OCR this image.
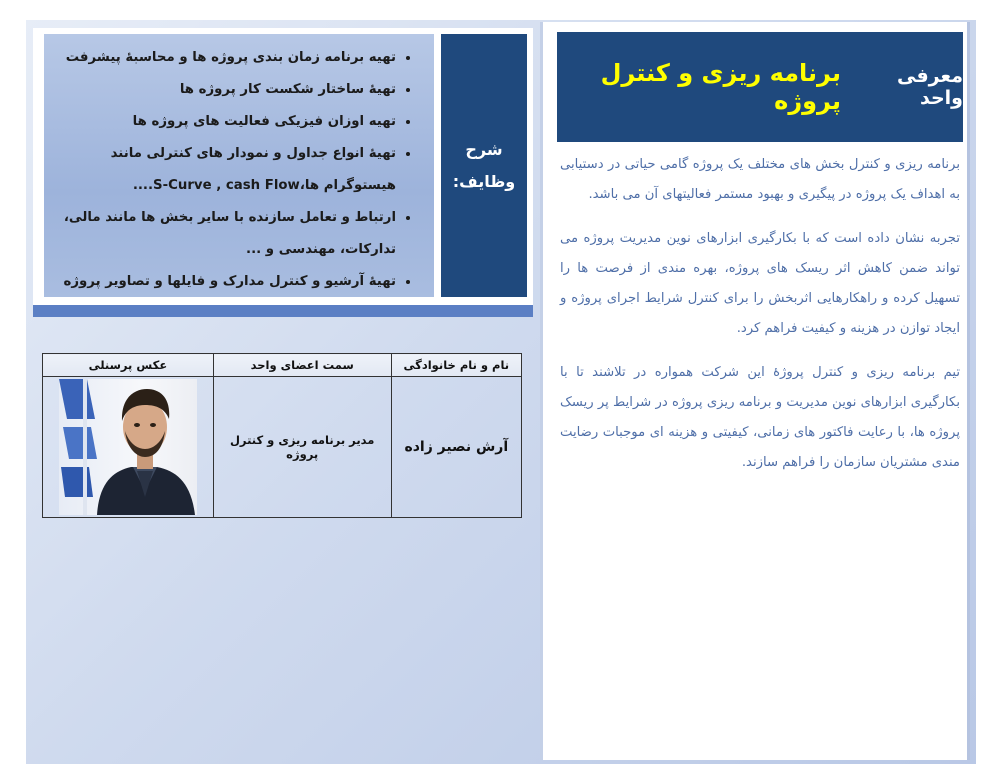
معرفی واحد
برنامه ریزی و کنترل پروژه

برنامه ریزی و کنترل بخش های مختلف یک پروژه گامی حیاتی در دستیابی به اهداف یک پروژه در پیگیری و بهبود مستمر فعالیتهای آن می باشد.

تجربه نشان داده است که با بکارگیری ابزارهای نوین مدیریت پروژه می تواند ضمن کاهش اثر ریسک های پروژه، بهره مندی از فرصت ها را تسهیل کرده و راهکارهایی اثربخش را برای کنترل شرایط اجرای پروژه و ایجاد توازن در هزینه و کیفیت فراهم کرد.

تیم برنامه ریزی و کنترل پروژۀ این شرکت همواره در تلاشند تا با بکارگیری ابزارهای نوین مدیریت و برنامه ریزی پروژه در شرایط پر ریسک پروژه ها، با رعایت فاکتور های زمانی، کیفیتی و هزینه ای موجبات رضایت مندی مشتریان سازمان را فراهم سازند.

• تهیه برنامه زمان بندی پروژه ها و محاسبۀ پیشرفت
• تهیۀ ساختار شکست کار پروژه ها
• تهیه اوزان فیزیکی فعالیت های پروژه ها
• تهیۀ انواع جداول و نمودار های کنترلی مانند هیستوگرام ها،S-Curve , cash Flow....
• ارتباط و تعامل سازنده با سایر بخش ها مانند مالی، تدارکات، مهندسی و ...
• تهیۀ آرشیو و کنترل مدارک و فایلها و تصاویر پروژه
شرح
وظایف:
نام و نام خانوادگی	سمت اعضای واحد	عکس پرسنلی
آرش نصیر زاده	مدیر برنامه ریزی و کنترل پروژه	
